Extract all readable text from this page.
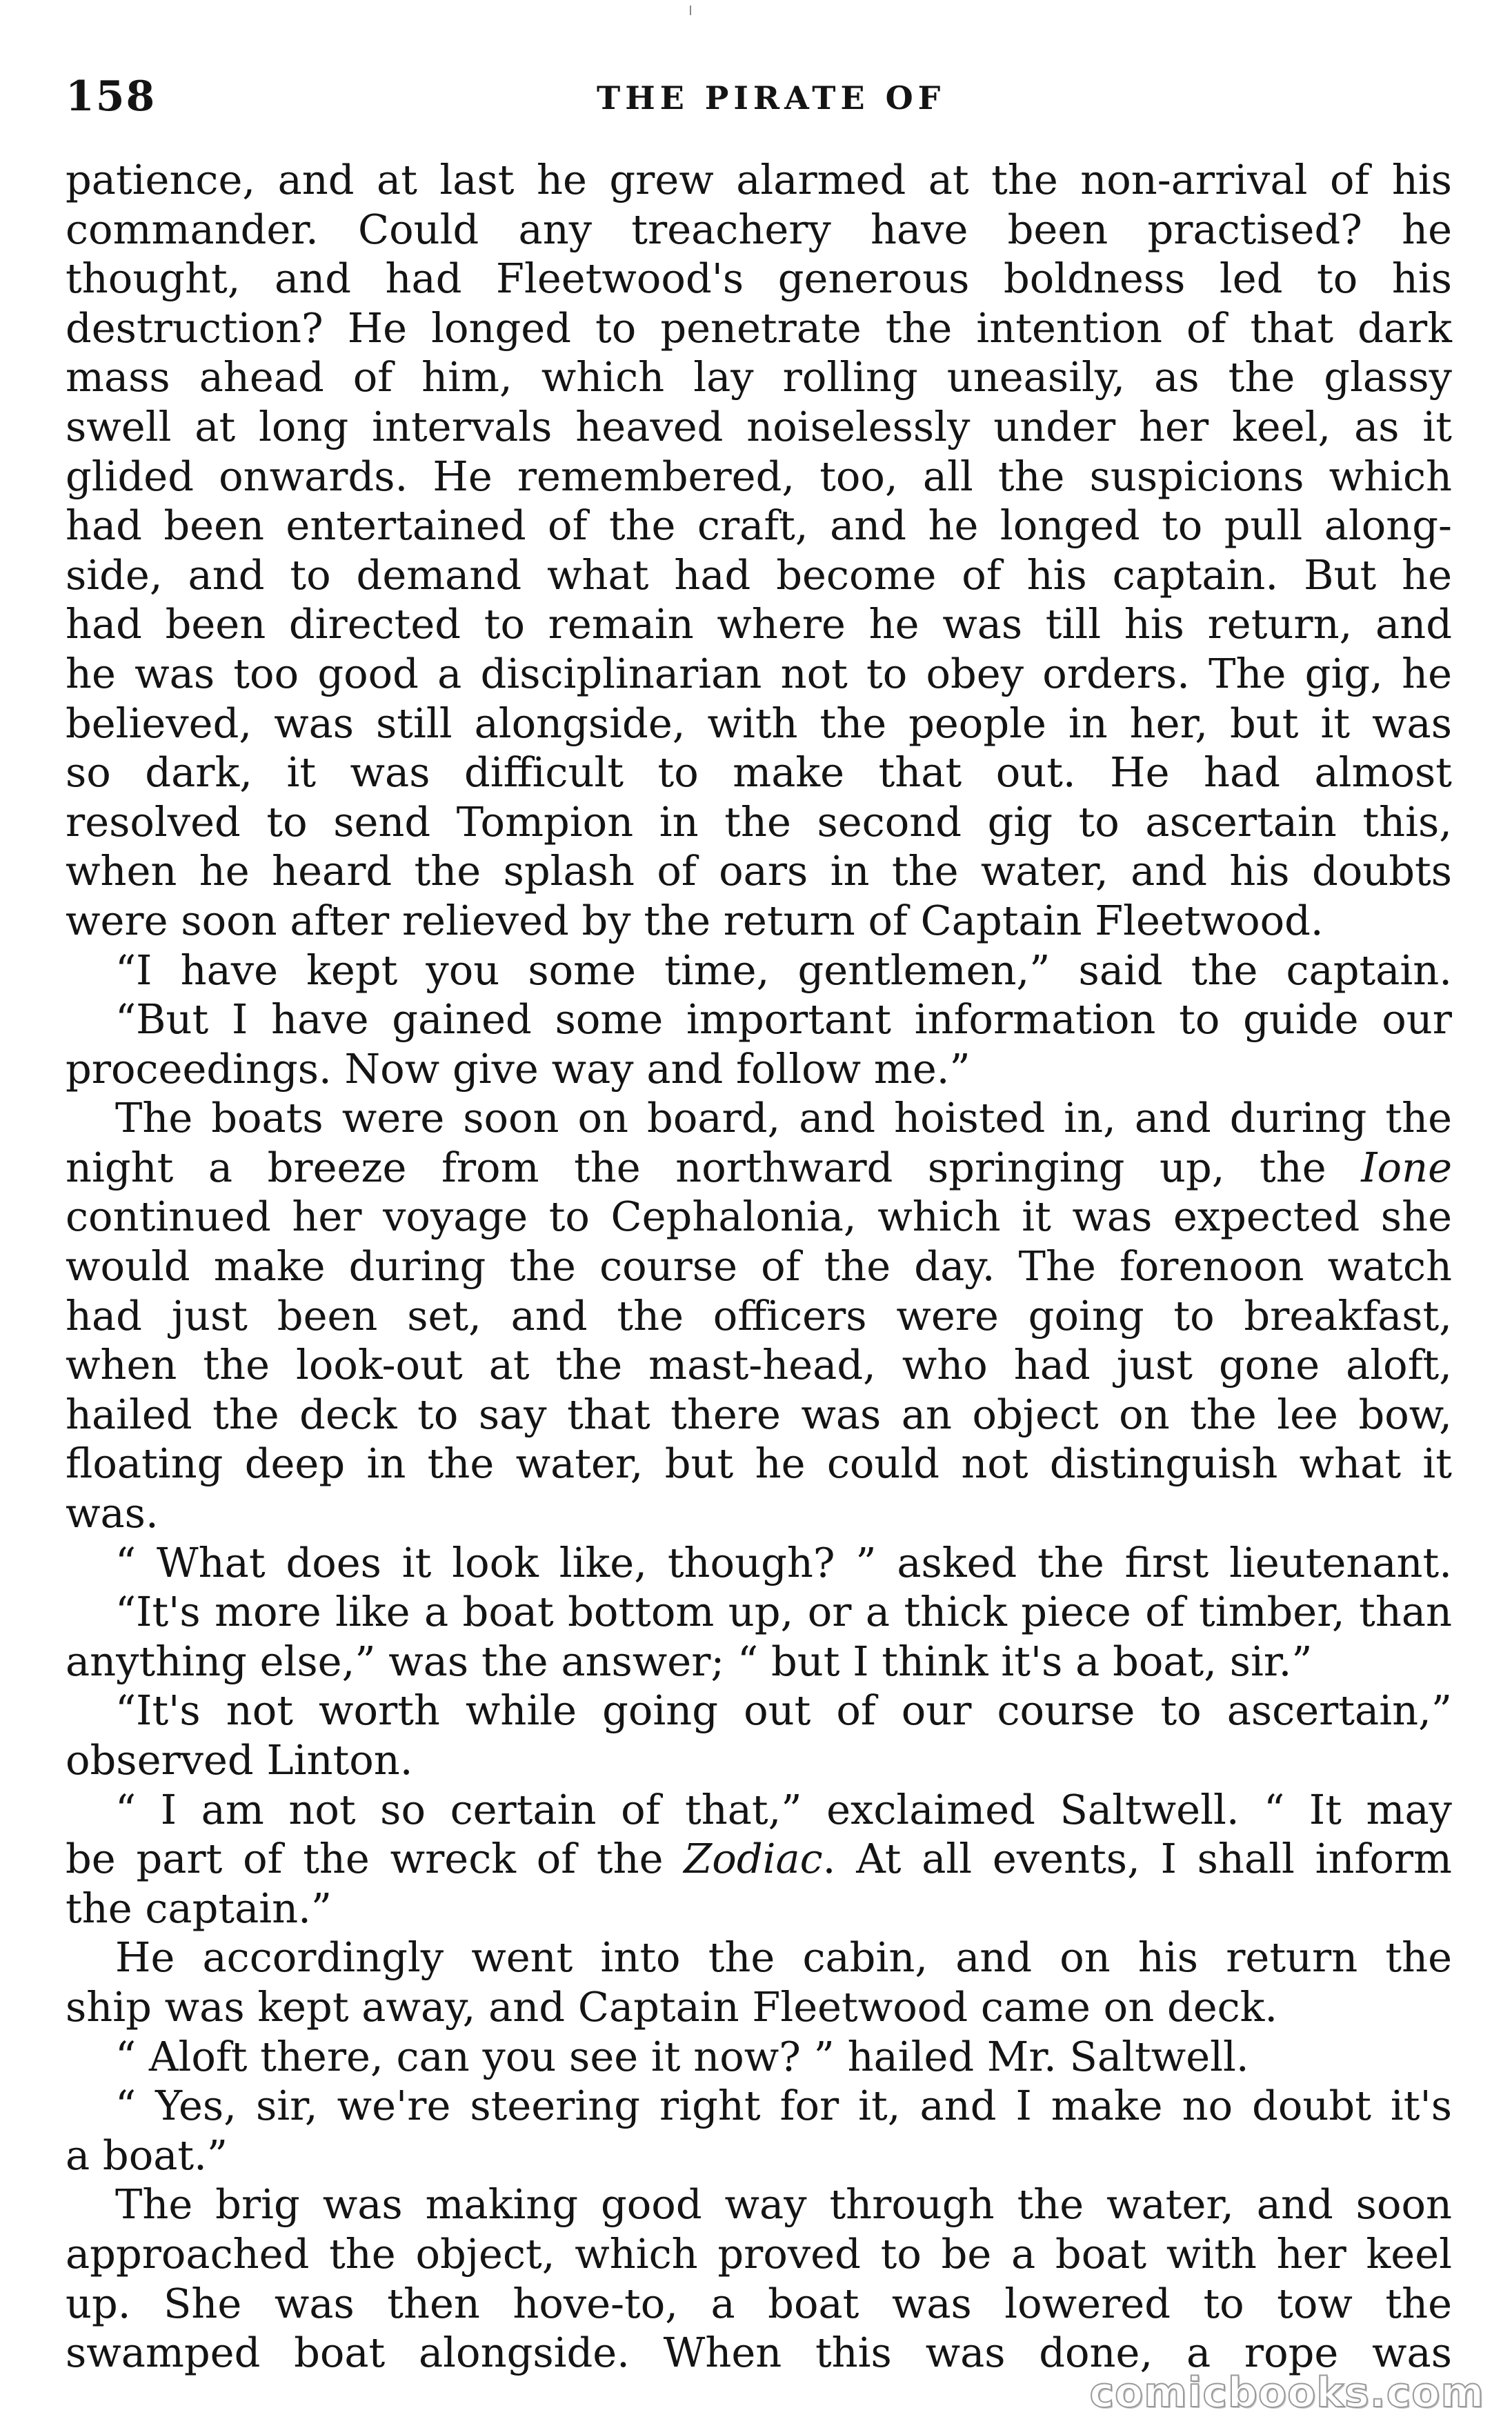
158	THE PIRATE OF
patience, and at last he grew alarmed at the non-arrival of his
commander. Could any treachery have been practised? he
thought, and had Fleetwood's generous boldness led to his
destruction? He longed to penetrate the intention of that dark
mass ahead of him, which lay rolling uneasily, as the glassy
swell at long intervals heaved noiselessly under her keel, as it
glided onwards. He remembered, too, all the suspicions which
had been entertained of the craft, and he longed to pull along-
side, and to demand what had become of his captain. But he
had been directed to remain where he was till his return, and
he was too good a disciplinarian not to obey orders. The gig, he
believed, was still alongside, with the people in her, but it was
so dark, it was difficult to make that out. He had almost
resolved to send Tompion in the second gig to ascertain this,
when he heard the splash of oars in the water, and his doubts
were soon after relieved by the return of Captain Fleetwood.
“I have kept you some time, gentlemen,” said the captain.
“But I have gained some important information to guide our
proceedings. Now give way and follow me.”
The boats were soon on board, and hoisted in, and during the
night a breeze from the northward springing up, the Ione
continued her voyage to Cephalonia, which it was expected she
would make during the course of the day. The forenoon watch
had just been set, and the officers were going to breakfast,
when the look-out at the mast-head, who had just gone aloft,
hailed the deck to say that there was an object on the lee bow,
floating deep in the water, but he could not distinguish what it
was.
“ What does it look like, though? ” asked the first lieutenant.
“It's more like a boat bottom up, or a thick piece of timber, than
anything else,” was the answer; “ but I think it's a boat, sir.”
“It's not worth while going out of our course to ascertain,”
observed Linton.
“ I am not so certain of that,” exclaimed Saltwell. “ It may
be part of the wreck of the Zodiac. At all events, I shall inform
the captain.”
He accordingly went into the cabin, and on his return the
ship was kept away, and Captain Fleetwood came on deck.
“ Aloft there, can you see it now? ” hailed Mr. Saltwell.
“ Yes, sir, we're steering right for it, and I make no doubt it's
a boat.”
The brig was making good way through the water, and soon
approached the object, which proved to be a boat with her keel
up. She was then hove-to, a boat was lowered to tow the
swamped boat alongside. When this was done, a rope was
comicbooks.com
